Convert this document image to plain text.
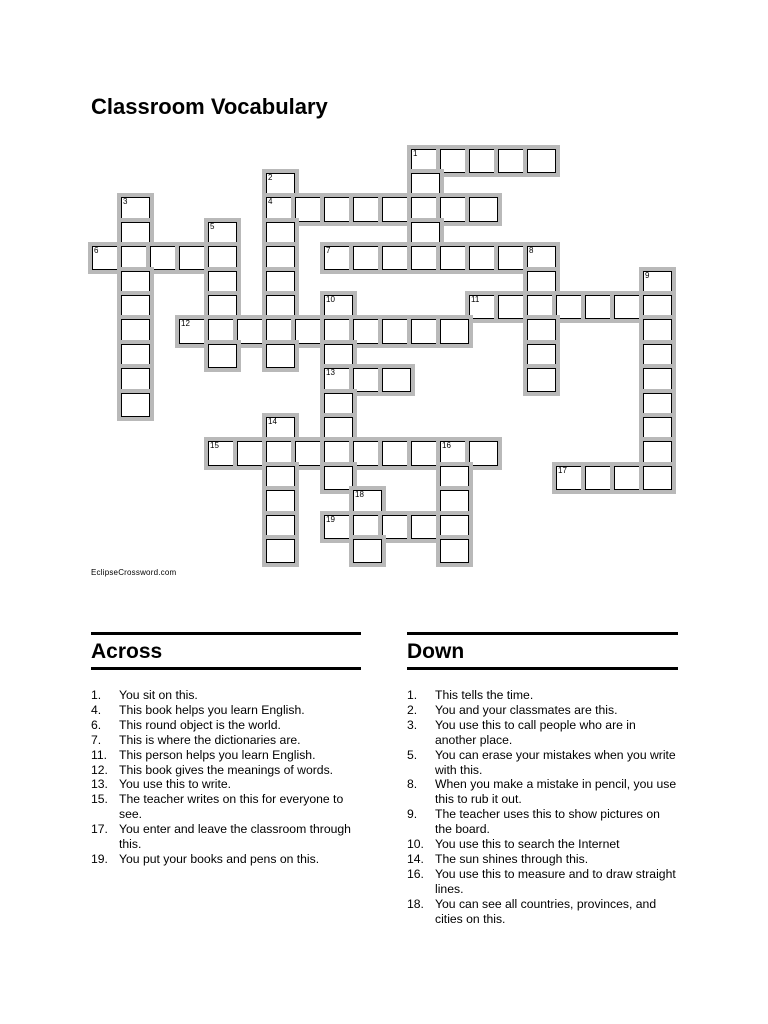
Classroom Vocabulary
1
2
3	4
5
6	7	8
9
10	11
12
13
14
15	16
17
18
19
EclipseCrossword.com
Across
1.	You sit on this.
4.	This book helps you learn English.
6.	This round object is the world.
7.	This is where the dictionaries are.
11. This person helps you learn English.
12. This book gives the meanings of words.
13. You use this to write.
15. The teacher writes on this for everyone to see.
17. You enter and leave the classroom through this.
19. You put your books and pens on this.
Down
1.	This tells the time.
2.	You and your classmates are this.
3.	You use this to call people who are in another place.
5.	You can erase your mistakes when you write with this.
8.	When you make a mistake in pencil, you use this to rub it out.
9.	The teacher uses this to show pictures on the board.
10. You use this to search the Internet
14. The sun shines through this.
16. You use this to measure and to draw straight lines.
18. You can see all countries, provinces, and cities on this.
